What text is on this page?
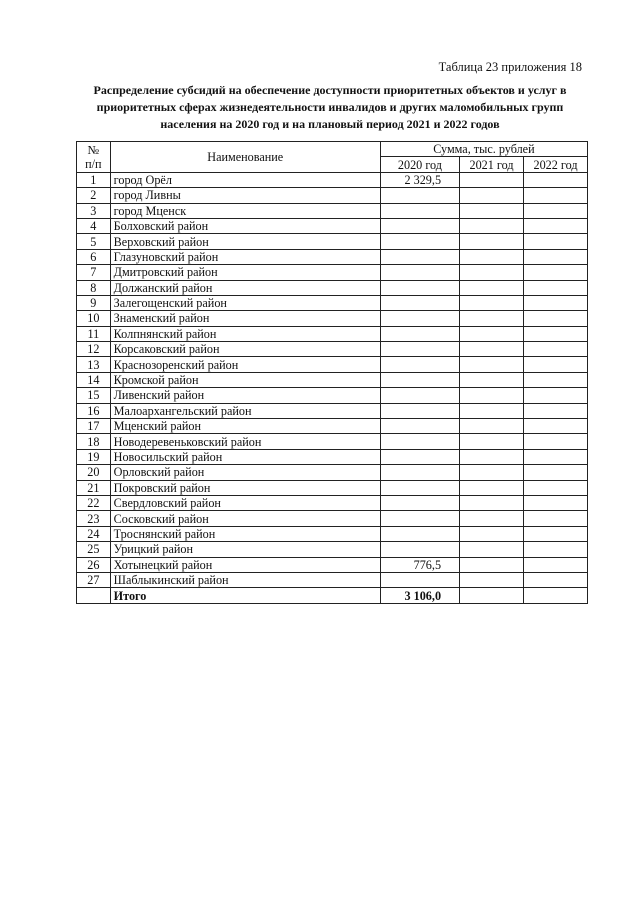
Таблица 23 приложения 18
Распределение субсидий на обеспечение доступности приоритетных объектов и услуг в
приоритетных сферах жизнедеятельности инвалидов и других маломобильных групп
населения на 2020 год и на плановый период 2021 и 2022 годов
№
п/п	Наименование	Сумма, тыс. рублей		
		2020 год	2021 год	2022 год
1	город Орёл	2 329,5		
2	город Ливны			
3	город Мценск			
4	Болховский район			
5	Верховский район			
6	Глазуновский район			
7	Дмитровский район			
8	Должанский район			
9	Залегощенский район			
10	Знаменский район			
11	Колпнянский район			
12	Корсаковский район			
13	Краснозоренский район			
14	Кромской район			
15	Ливенский район			
16	Малоархангельский район			
17	Мценский район			
18	Новодеревеньковский район			
19	Новосильский район			
20	Орловский район			
21	Покровский район			
22	Свердловский район			
23	Сосковский район			
24	Троснянский район			
25	Урицкий район			
26	Хотынецкий район	776,5		
27	Шаблыкинский район			
	Итого	3 106,0		
